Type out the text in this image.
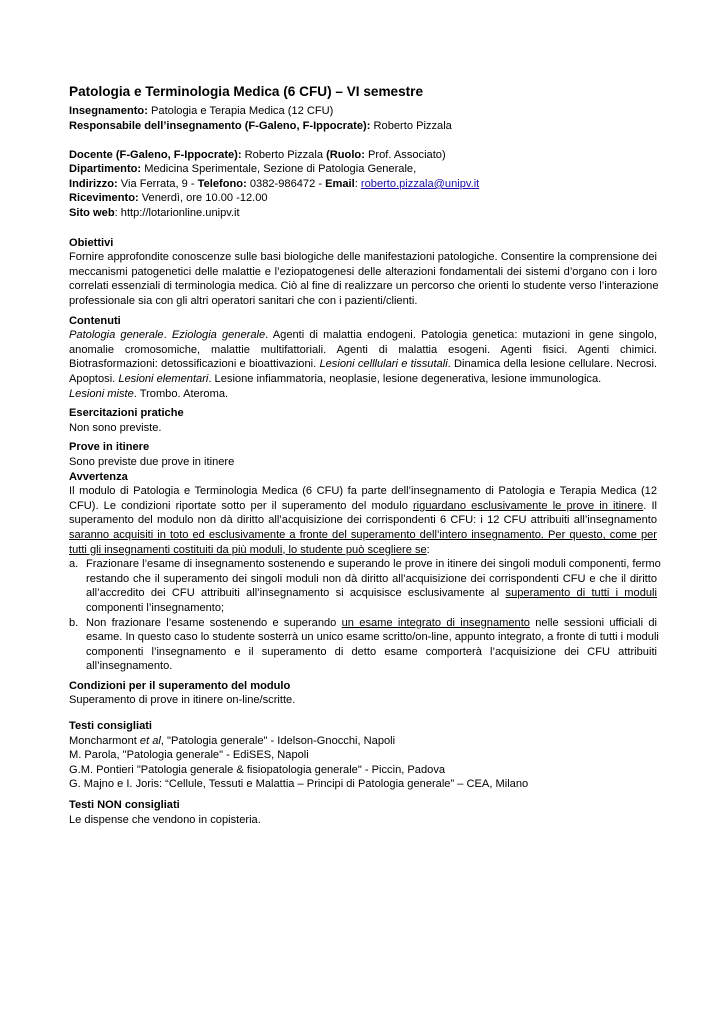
Patologia e Terminologia Medica (6 CFU) – VI semestre
Insegnamento: Patologia e Terapia Medica (12 CFU)
Responsabile dell’insegnamento (F-Galeno, F-Ippocrate): Roberto Pizzala
Docente (F-Galeno, F-Ippocrate): Roberto Pizzala (Ruolo: Prof. Associato)
Dipartimento: Medicina Sperimentale, Sezione di Patologia Generale,
Indirizzo: Via Ferrata, 9 - Telefono: 0382-986472 - Email: roberto.pizzala@unipv.it
Ricevimento: Venerdì, ore 10.00 -12.00
Sito web: http://lotarionline.unipv.it
Obiettivi
Fornire approfondite conoscenze sulle basi biologiche delle manifestazioni patologiche. Consentire la comprensione dei
meccanismi patogenetici delle malattie e l’eziopatogenesi delle alterazioni fondamentali dei sistemi d’organo con i loro
correlati essenziali di terminologia medica. Ciò al fine di realizzare un percorso che orienti lo studente verso l’interazione
professionale sia con gli altri operatori sanitari che con i pazienti/clienti.
Contenuti
Patologia generale. Eziologia generale. Agenti di malattia endogeni. Patologia genetica: mutazioni in gene singolo,
anomalie cromosomiche, malattie multifattoriali. Agenti di malattia esogeni. Agenti fisici. Agenti chimici.
Biotrasformazioni: detossificazioni e bioattivazioni. Lesioni celllulari e tissutali. Dinamica della lesione cellulare. Necrosi.
Apoptosi. Lesioni elementari. Lesione infiammatoria, neoplasie, lesione degenerativa, lesione immunologica.
Lesioni miste. Trombo. Ateroma.
Esercitazioni pratiche
Non sono previste.
Prove in itinere
Sono previste due prove in itinere
Avvertenza
Il modulo di Patologia e Terminologia Medica (6 CFU) fa parte dell’insegnamento di Patologia e Terapia Medica (12
CFU). Le condizioni riportate sotto per il superamento del modulo riguardano esclusivamente le prove in itinere. Il
superamento del modulo non dà diritto all’acquisizione dei corrispondenti 6 CFU: i 12 CFU attribuiti all’insegnamento
saranno acquisiti in toto ed esclusivamente a fronte del superamento dell’intero insegnamento. Per questo, come per
tutti gli insegnamenti costituiti da più moduli, lo studente può scegliere se:
a. Frazionare l’esame di insegnamento sostenendo e superando le prove in itinere dei singoli moduli componenti, fermo
restando che il superamento dei singoli moduli non dà diritto all’acquisizione dei corrispondenti CFU e che il diritto
all’accredito dei CFU attribuiti all’insegnamento si acquisisce esclusivamente al superamento di tutti i moduli
componenti l’insegnamento;
b. Non frazionare l’esame sostenendo e superando un esame integrato di insegnamento nelle sessioni ufficiali di
esame. In questo caso lo studente sosterrà un unico esame scritto/on-line, appunto integrato, a fronte di tutti i moduli
componenti l’insegnamento e il superamento di detto esame comporterà l’acquisizione dei CFU attribuiti
all’insegnamento.
Condizioni per il superamento del modulo
Superamento di prove in itinere on-line/scritte.
Testi consigliati
Moncharmont et al, "Patologia generale" - Idelson-Gnocchi, Napoli
M. Parola, "Patologia generale" - EdiSES, Napoli
G.M. Pontieri "Patologia generale & fisiopatologia generale" - Piccin, Padova
G. Majno e I. Joris: “Cellule, Tessuti e Malattia – Principi di Patologia generale” – CEA, Milano
Testi NON consigliati
Le dispense che vendono in copisteria.
